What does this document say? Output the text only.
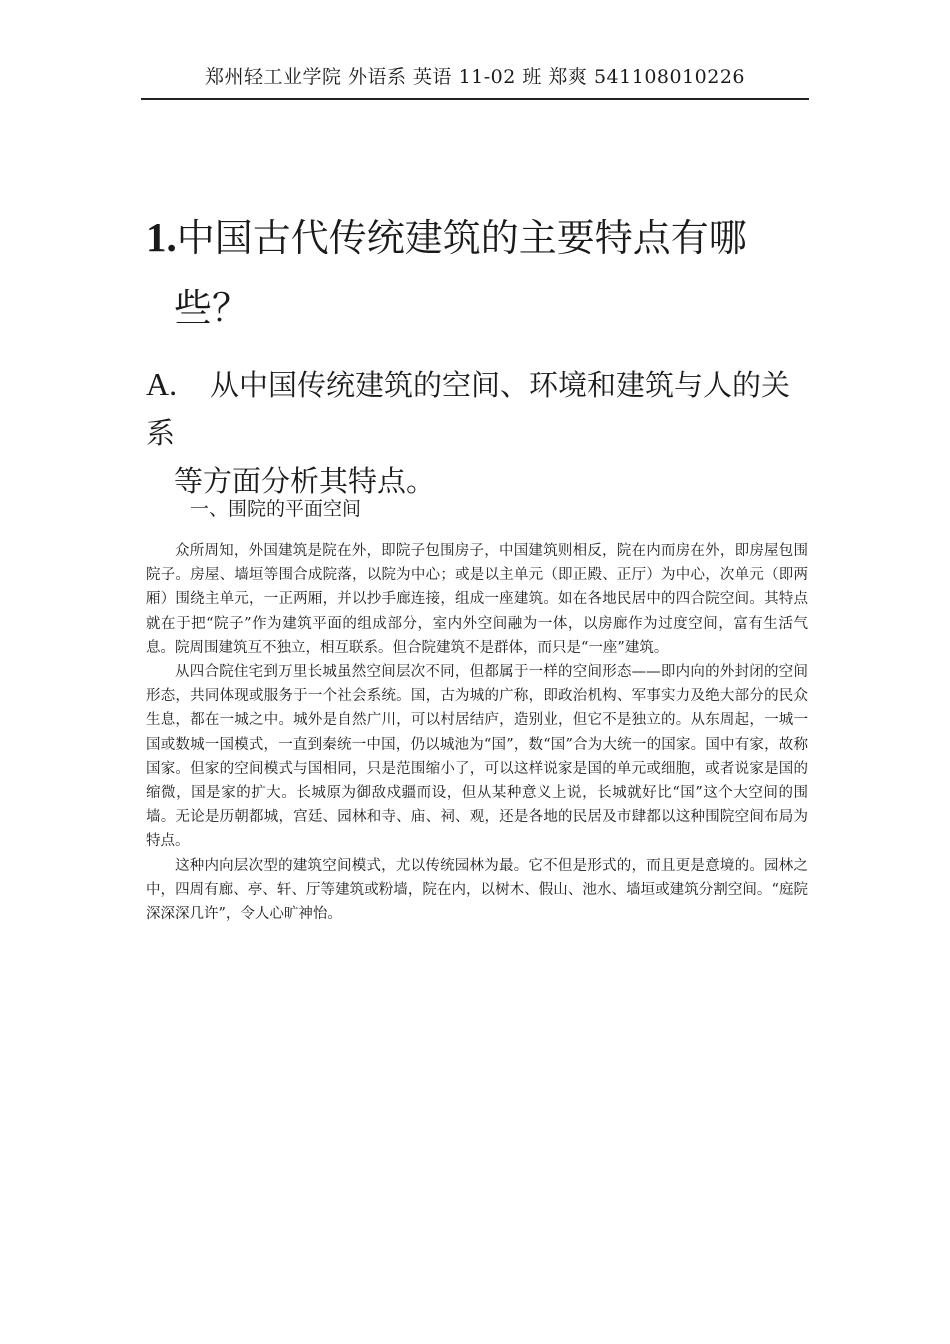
郑州轻工业学院 外语系 英语 11-02 班 郑爽 541108010226
1.中国古代传统建筑的主要特点有哪
些？
A. 从中国传统建筑的空间、环境和建筑与人的关系
等方面分析其特点。
一、围院的平面空间

众所周知，外国建筑是院在外，即院子包围房子，中国建筑则相反，院在内而房在外，即房屋包围院子。房屋、墙垣等围合成院落，以院为中心；或是以主单元（即正殿、正厅）为中心，次单元（即两厢）围绕主单元，一正两厢，并以抄手廊连接，组成一座建筑。如在各地民居中的四合院空间。其特点就在于把“院子”作为建筑平面的组成部分，室内外空间融为一体，以房廊作为过度空间，富有生活气息。院周围建筑互不独立，相互联系。但合院建筑不是群体，而只是“一座”建筑。

从四合院住宅到万里长城虽然空间层次不同，但都属于一样的空间形态——即内向的外封闭的空间形态，共同体现或服务于一个社会系统。国，古为城的广称，即政治机构、军事实力及绝大部分的民众生息，都在一城之中。城外是自然广川，可以村居结庐，造别业，但它不是独立的。从东周起，一城一国或数城一国模式，一直到秦统一中国，仍以城池为“国”，数“国”合为大统一的国家。国中有家，故称国家。但家的空间模式与国相同，只是范围缩小了，可以这样说家是国的单元或细胞，或者说家是国的缩微，国是家的扩大。长城原为御敌戍疆而设，但从某种意义上说，长城就好比“国”这个大空间的围墙。无论是历朝都城，宫廷、园林和寺、庙、祠、观，还是各地的民居及市肆都以这种围院空间布局为特点。

这种内向层次型的建筑空间模式，尤以传统园林为最。它不但是形式的，而且更是意境的。园林之中，四周有廊、亭、轩、厅等建筑或粉墙，院在内，以树木、假山、池水、墙垣或建筑分割空间。“庭院深深深几许”，令人心旷神怡。
